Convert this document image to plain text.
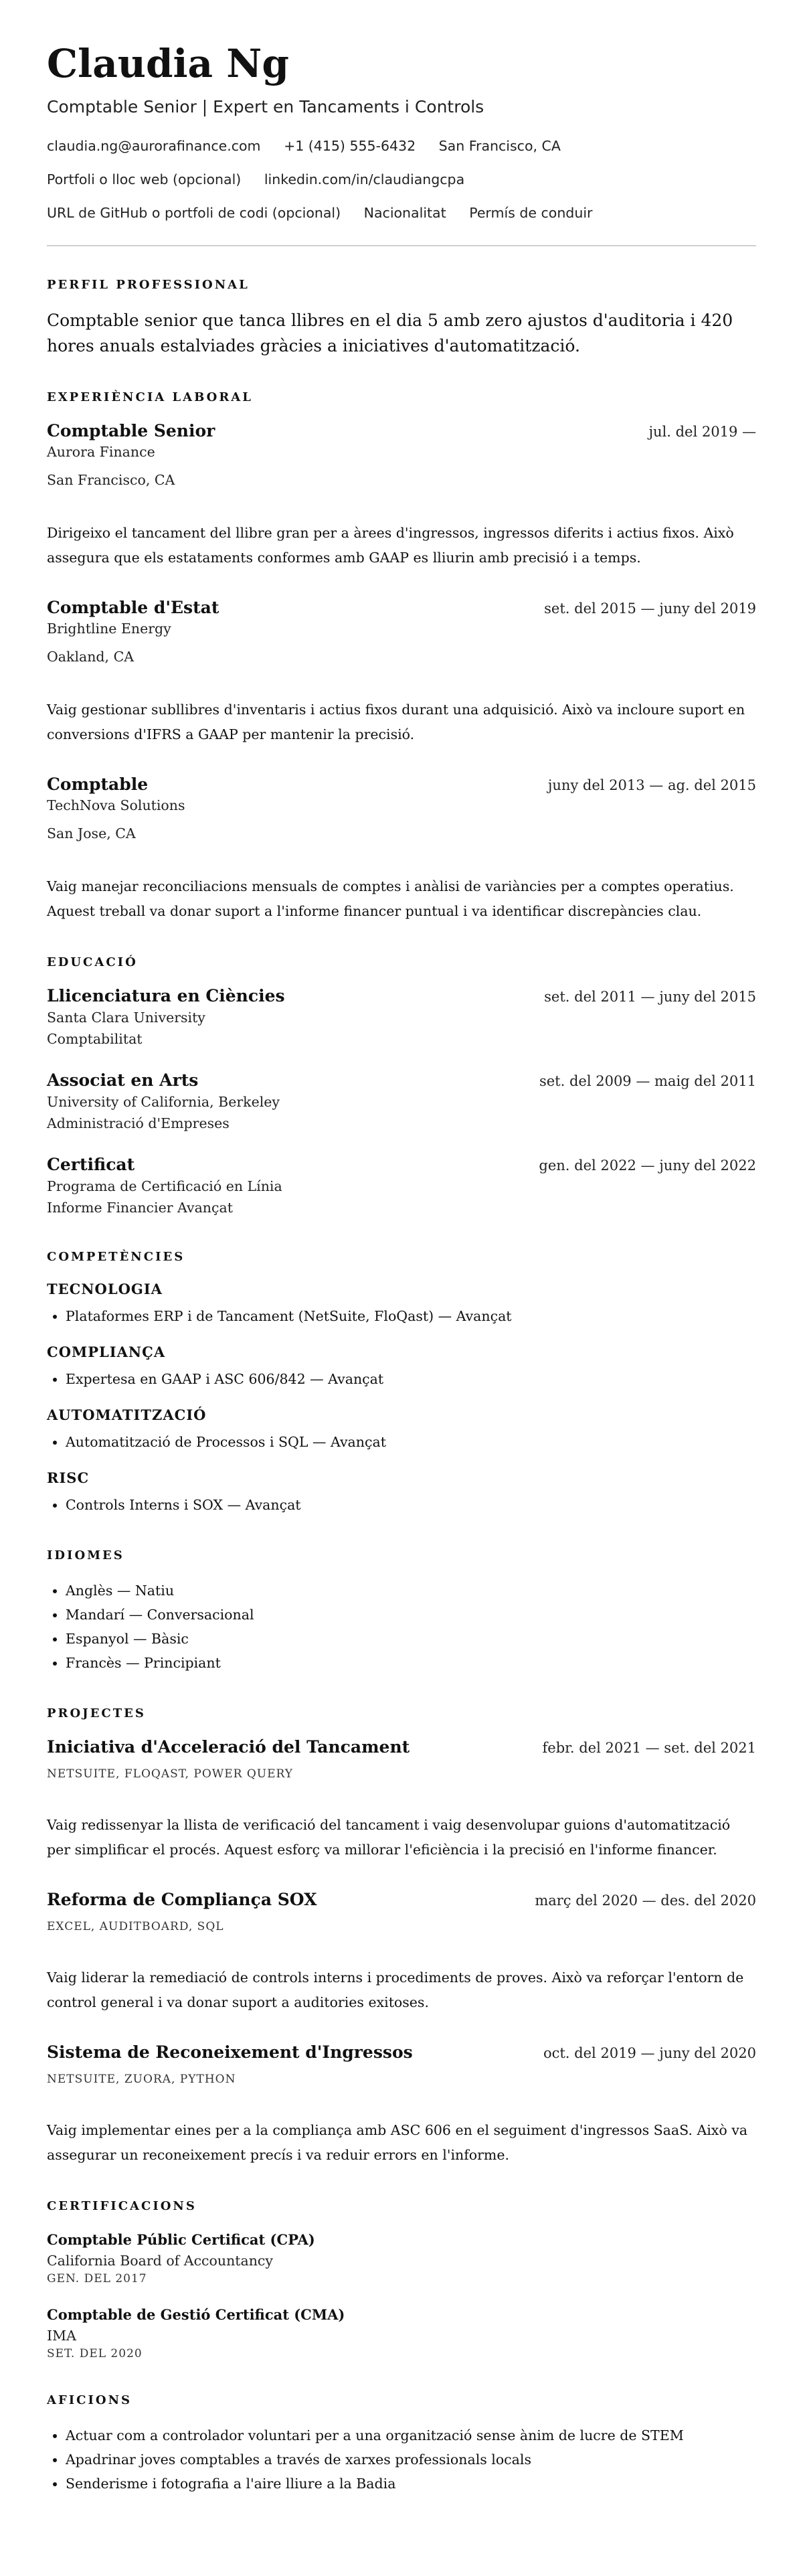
Claudia Ng
Comptable Senior | Expert en Tancaments i Controls
claudia.ng@aurorafinance.com +1 (415) 555-6432 San Francisco, CA
Portfoli o lloc web (opcional) linkedin.com/in/claudiangcpa
URL de GitHub o portfoli de codi (opcional) Nacionalitat Permís de conduir
PERFIL PROFESSIONAL

Comptable senior que tanca llibres en el dia 5 amb zero ajustos d'auditoria i 420 hores anuals estalviades gràcies a iniciatives d'automatització.

EXPERIÈNCIA LABORAL
Comptable Senior	jul. del 2019 —
Aurora Finance
San Francisco, CA

Dirigeixo el tancament del llibre gran per a àrees d'ingressos, ingressos diferits i actius fixos. Això assegura que els estataments conformes amb GAAP es lliurin amb precisió i a temps.

Comptable d'Estat	set. del 2015 — juny del 2019
Brightline Energy
Oakland, CA

Vaig gestionar subllibres d'inventaris i actius fixos durant una adquisició. Això va incloure suport en conversions d'IFRS a GAAP per mantenir la precisió.

Comptable	juny del 2013 — ag. del 2015
TechNova Solutions
San Jose, CA

Vaig manejar reconciliacions mensuals de comptes i anàlisi de variàncies per a comptes operatius. Aquest treball va donar suport a l'informe financer puntual i va identificar discrepàncies clau.

EDUCACIÓ
Llicenciatura en Ciències	set. del 2011 — juny del 2015
Santa Clara University
Comptabilitat
Associat en Arts	set. del 2009 — maig del 2011
University of California, Berkeley
Administració d'Empreses
Certificat	gen. del 2022 — juny del 2022
Programa de Certificació en Línia
Informe Financier Avançat
COMPETÈNCIES
TECNOLOGIA
• Plataformes ERP i de Tancament (NetSuite, FloQast) — Avançat
COMPLIANÇA
• Expertesa en GAAP i ASC 606/842 — Avançat
AUTOMATITZACIÓ
• Automatització de Processos i SQL — Avançat
RISC
• Controls Interns i SOX — Avançat
IDIOMES
• Anglès — Natiu
• Mandarí — Conversacional
• Espanyol — Bàsic
• Francès — Principiant
PROJECTES
Iniciativa d'Acceleració del Tancament	febr. del 2021 — set. del 2021
NETSUITE, FLOQAST, POWER QUERY

Vaig redissenyar la llista de verificació del tancament i vaig desenvolupar guions d'automatització per simplificar el procés. Aquest esforç va millorar l'eficiència i la precisió en l'informe financer.

Reforma de Compliança SOX	març del 2020 — des. del 2020
EXCEL, AUDITBOARD, SQL

Vaig liderar la remediació de controls interns i procediments de proves. Això va reforçar l'entorn de control general i va donar suport a auditories exitoses.

Sistema de Reconeixement d'Ingressos	oct. del 2019 — juny del 2020
NETSUITE, ZUORA, PYTHON

Vaig implementar eines per a la compliança amb ASC 606 en el seguiment d'ingressos SaaS. Això va assegurar un reconeixement precís i va reduir errors en l'informe.

CERTIFICACIONS
Comptable Públic Certificat (CPA)
California Board of Accountancy
GEN. DEL 2017
Comptable de Gestió Certificat (CMA)
IMA
SET. DEL 2020
AFICIONS
• Actuar com a controlador voluntari per a una organització sense ànim de lucre de STEM
• Apadrinar joves comptables a través de xarxes professionals locals
• Senderisme i fotografia a l'aire lliure a la Badia
